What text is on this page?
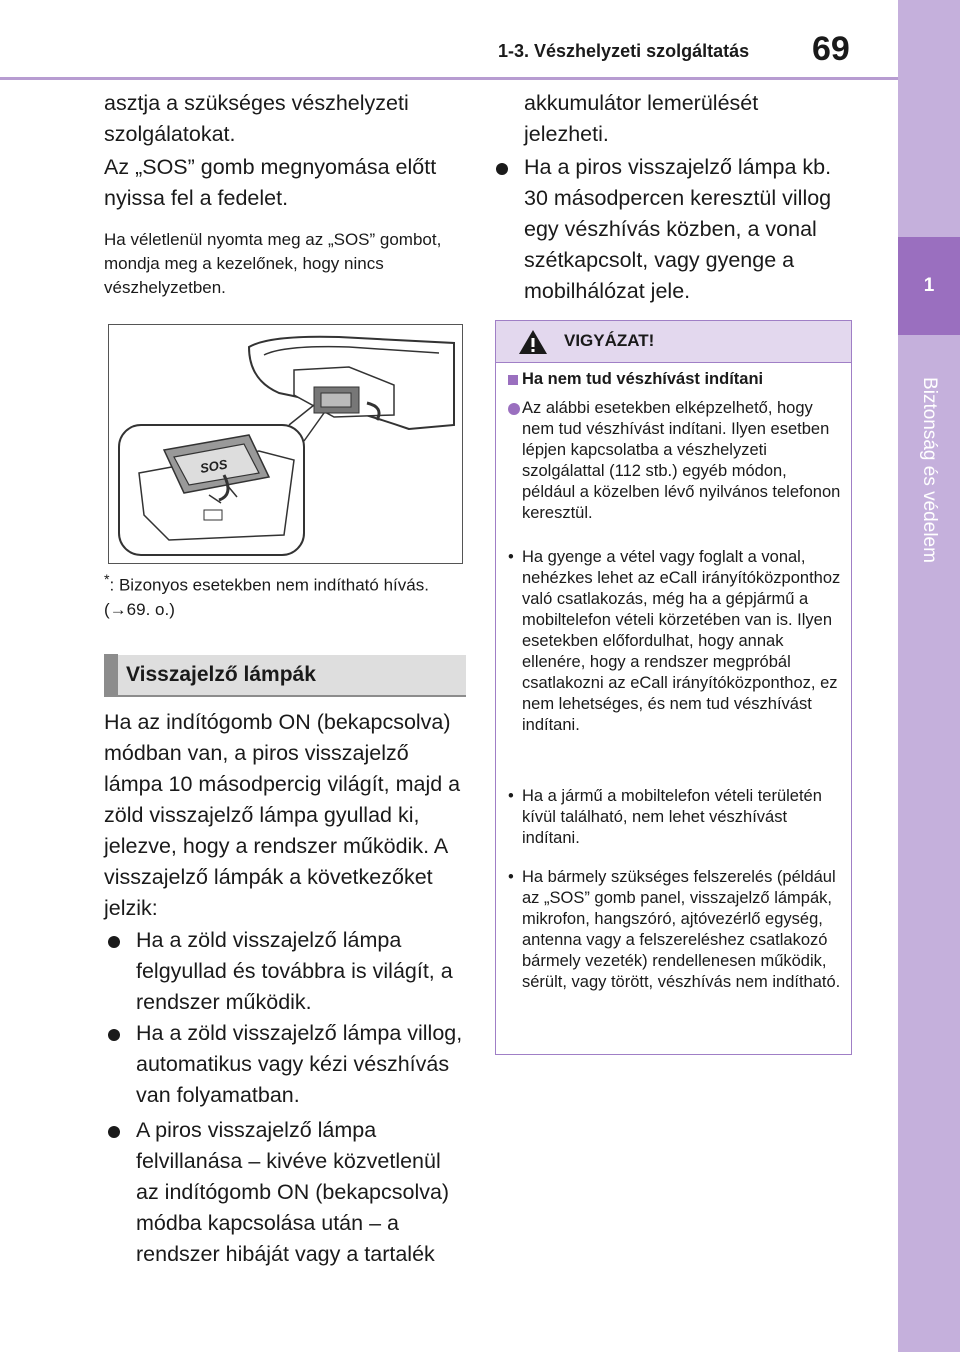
1-3. Vészhelyzeti szolgáltatás 69
1
Biztonság és védelem
asztja a szükséges vészhelyzeti szolgálatokat.
Az „SOS” gomb megnyomása előtt nyissa fel a fedelet.
Ha véletlenül nyomta meg az „SOS” gombot, mondja meg a kezelőnek, hogy nincs vészhelyzetben.
SOS
*: Bizonyos esetekben nem indítható hívás. (→69. o.)
Visszajelző lámpák
Ha az indítógomb ON (bekapcsolva) módban van, a piros visszajelző lámpa 10 másodpercig világít, majd a zöld visszajelző lámpa gyullad ki, jelezve, hogy a rendszer működik. A visszajelző lámpák a következőket jelzik:
Ha a zöld visszajelző lámpa felgyullad és továbbra is világít, a rendszer működik.
Ha a zöld visszajelző lámpa villog, automatikus vagy kézi vészhívás van folyamatban.
A piros visszajelző lámpa felvillanása – kivéve közvetlenül az indítógomb ON (bekapcsolva) módba kapcsolása után – a rendszer hibáját vagy a tartalék
akkumulátor lemerülését jelezheti.
Ha a piros visszajelző lámpa kb. 30 másodpercen keresztül villog egy vészhívás közben, a vonal szétkapcsolt, vagy gyenge a mobilhálózat jele.
VIGYÁZAT!
Ha nem tud vészhívást indítani
Az alábbi esetekben elképzelhető, hogy nem tud vészhívást indítani. Ilyen esetben lépjen kapcsolatba a vészhelyzeti szolgálattal (112 stb.) egyéb módon, például a közelben lévő nyilvános telefonon keresztül.
• Ha gyenge a vétel vagy foglalt a vonal, nehézkes lehet az eCall irányítóközponthoz való csatlakozás, még ha a gépjármű a mobiltelefon vételi körzetében van is. Ilyen esetekben előfordulhat, hogy annak ellenére, hogy a rendszer megpróbál csatlakozni az eCall irányítóközponthoz, ez nem lehetséges, és nem tud vészhívást indítani.
• Ha a jármű a mobiltelefon vételi területén kívül található, nem lehet vészhívást indítani.
• Ha bármely szükséges felszerelés (például az „SOS” gomb panel, visszajelző lámpák, mikrofon, hangszóró, ajtóvezérlő egység, antenna vagy a felszereléshez csatlakozó bármely vezeték) rendellenesen működik, sérült, vagy törött, vészhívás nem indítható.
